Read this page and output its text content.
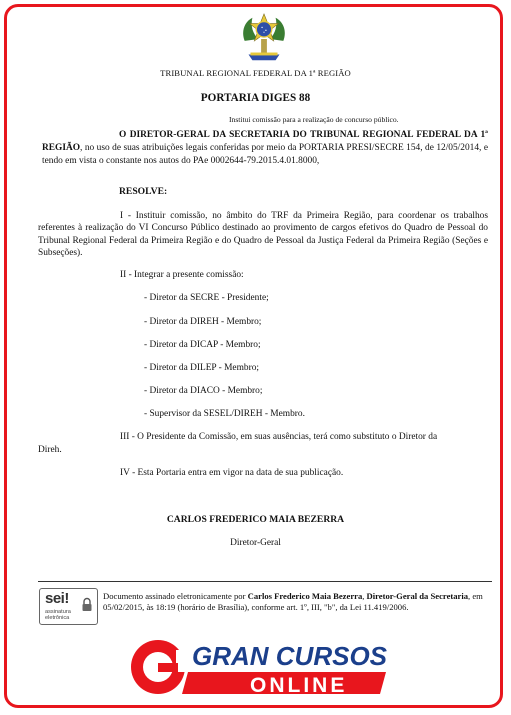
TRIBUNAL REGIONAL FEDERAL DA 1ª REGIÃO
PORTARIA DIGES 88
Institui comissão para a realização de concurso público.
O DIRETOR-GERAL DA SECRETARIA DO TRIBUNAL REGIONAL FEDERAL DA 1ª REGIÃO, no uso de suas atribuições legais conferidas por meio da PORTARIA PRESI/SECRE 154, de 12/05/2014, e tendo em vista o constante nos autos do PAe 0002644-79.2015.4.01.8000,
RESOLVE:
I - Instituir comissão, no âmbito do TRF da Primeira Região, para coordenar os trabalhos referentes à realização do VI Concurso Público destinado ao provimento de cargos efetivos do Quadro de Pessoal do Tribunal Regional Federal da Primeira Região e do Quadro de Pessoal da Justiça Federal da Primeira Região (Seções e Subseções).
II - Integrar a presente comissão:
- Diretor da SECRE - Presidente;
- Diretor da DIREH - Membro;
- Diretor da DICAP - Membro;
- Diretor da DILEP - Membro;
- Diretor da DIACO - Membro;
- Supervisor da SESEL/DIREH - Membro.
III - O Presidente da Comissão, em suas ausências, terá como substituto o Diretor da
Direh.
IV - Esta Portaria entra em vigor na data de sua publicação.
CARLOS FREDERICO MAIA BEZERRA
Diretor-Geral
sei!
assinatura
eletrônica
Documento assinado eletronicamente por Carlos Frederico Maia Bezerra, Diretor-Geral da Secretaria, em 05/02/2015, às 18:19 (horário de Brasília), conforme art. 1º, III, "b", da Lei 11.419/2006.
GRAN CURSOS
ONLINE
